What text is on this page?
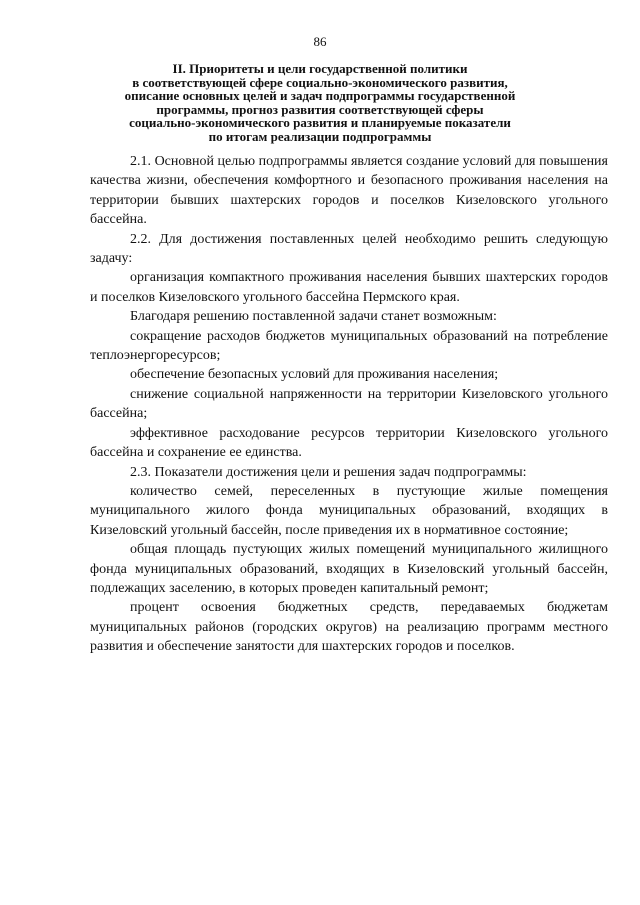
86
II. Приоритеты и цели государственной политики
в соответствующей сфере социально-экономического развития,
описание основных целей и задач подпрограммы государственной
программы, прогноз развития соответствующей сферы
социально-экономического развития и планируемые показатели
по итогам реализации подпрограммы

2.1. Основной целью подпрограммы является создание условий для повышения качества жизни, обеспечения комфортного и безопасного проживания населения на территории бывших шахтерских городов и поселков Кизеловского угольного бассейна.

2.2. Для достижения поставленных целей необходимо решить следующую задачу:

организация компактного проживания населения бывших шахтерских городов и поселков Кизеловского угольного бассейна Пермского края.

Благодаря решению поставленной задачи станет возможным:

сокращение расходов бюджетов муниципальных образований на потребление теплоэнергоресурсов;

обеспечение безопасных условий для проживания населения;

снижение социальной напряженности на территории Кизеловского угольного бассейна;

эффективное расходование ресурсов территории Кизеловского угольного бассейна и сохранение ее единства.

2.3. Показатели достижения цели и решения задач подпрограммы:

количество семей, переселенных в пустующие жилые помещения муниципального жилого фонда муниципальных образований, входящих в Кизеловский угольный бассейн, после приведения их в нормативное состояние;

общая площадь пустующих жилых помещений муниципального жилищного фонда муниципальных образований, входящих в Кизеловский угольный бассейн, подлежащих заселению, в которых проведен капитальный ремонт;

процент освоения бюджетных средств, передаваемых бюджетам муниципальных районов (городских округов) на реализацию программ местного развития и обеспечение занятости для шахтерских городов и поселков.
